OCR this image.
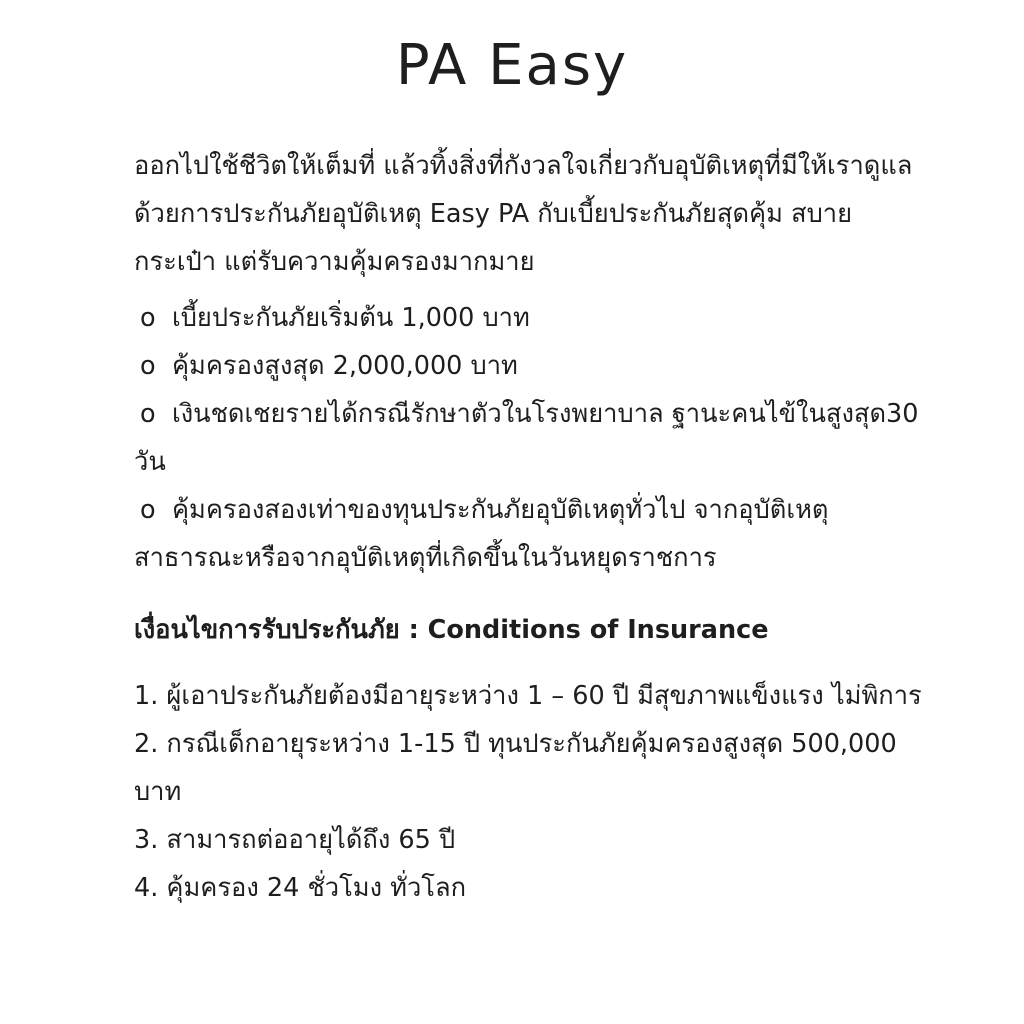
PA Easy

ออกไปใช้ชีวิตให้เต็มที่ แล้วทิ้งสิ่งที่กังวลใจเกี่ยวกับอุบัติเหตุที่มีให้เราดูแล ด้วยการประกันภัยอุบัติเหตุ Easy PA กับเบี้ยประกันภัยสุดคุ้ม สบายกระเป๋า แต่รับความคุ้มครองมากมาย

o เบี้ยประกันภัยเริ่มต้น 1,000 บาท
o คุ้มครองสูงสุด 2,000,000 บาท
o เงินชดเชยรายได้กรณีรักษาตัวในโรงพยาบาล ฐานะคนไข้ในสูงสุด30 วัน
o คุ้มครองสองเท่าของทุนประกันภัยอุบัติเหตุทั่วไป จากอุบัติเหตุสาธารณะหรือจากอุบัติเหตุที่เกิดขึ้นในวันหยุดราชการ
เงื่อนไขการรับประกันภัย : Conditions of Insurance
1. ผู้เอาประกันภัยต้องมีอายุระหว่าง 1 – 60 ปี มีสุขภาพแข็งแรง ไม่พิการ
2. กรณีเด็กอายุระหว่าง 1-15 ปี ทุนประกันภัยคุ้มครองสูงสุด 500,000 บาท
3. สามารถต่ออายุได้ถึง 65 ปี
4. คุ้มครอง 24 ชั่วโมง ทั่วโลก
